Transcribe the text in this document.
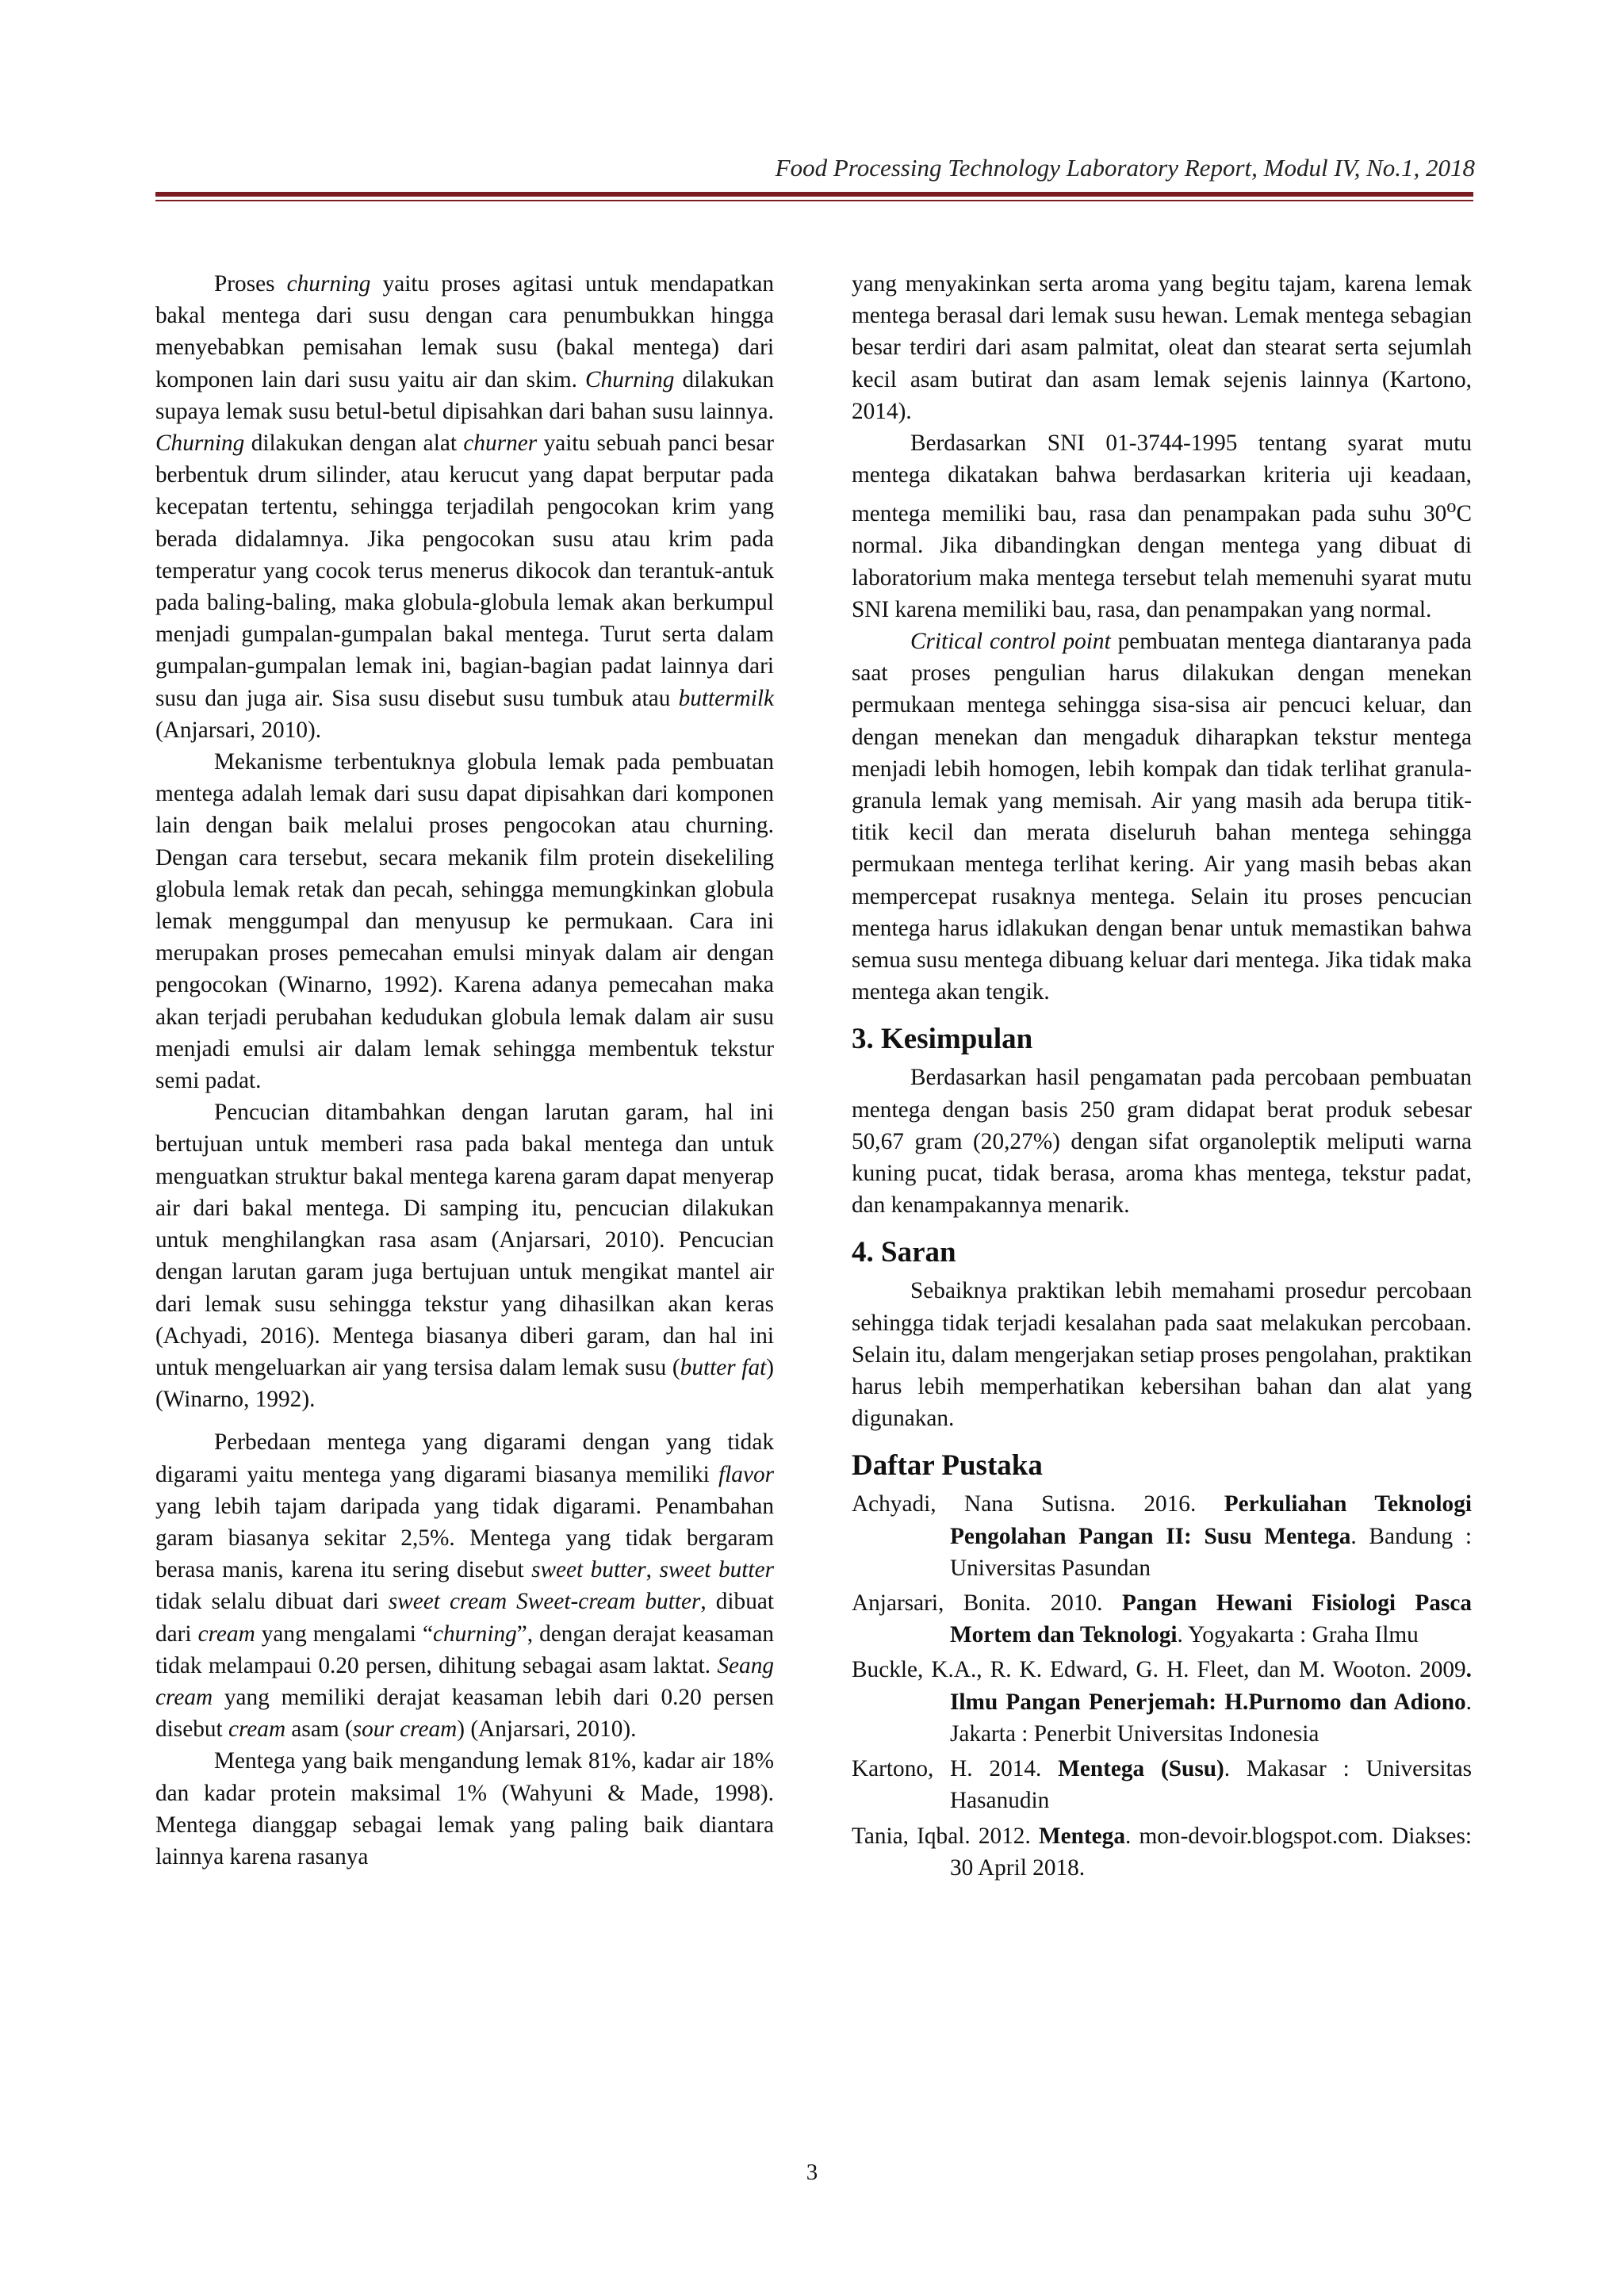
Food Processing Technology Laboratory Report, Modul IV, No.1, 2018

Proses churning yaitu proses agitasi untuk mendapatkan bakal mentega dari susu dengan cara penumbukkan hingga menyebabkan pemisahan lemak susu (bakal mentega) dari komponen lain dari susu yaitu air dan skim. Churning dilakukan supaya lemak susu betul-betul dipisahkan dari bahan susu lainnya. Churning dilakukan dengan alat churner yaitu sebuah panci besar berbentuk drum silinder, atau kerucut yang dapat berputar pada kecepatan tertentu, sehingga terjadilah pengocokan krim yang berada didalamnya. Jika pengocokan susu atau krim pada temperatur yang cocok terus menerus dikocok dan terantuk-antuk pada baling-baling, maka globula-globula lemak akan berkumpul menjadi gumpalan-gumpalan bakal mentega. Turut serta dalam gumpalan-gumpalan lemak ini, bagian-bagian padat lainnya dari susu dan juga air. Sisa susu disebut susu tumbuk atau buttermilk (Anjarsari, 2010).

Mekanisme terbentuknya globula lemak pada pembuatan mentega adalah lemak dari susu dapat dipisahkan dari komponen lain dengan baik melalui proses pengocokan atau churning. Dengan cara tersebut, secara mekanik film protein disekeliling globula lemak retak dan pecah, sehingga memungkinkan globula lemak menggumpal dan menyusup ke permukaan. Cara ini merupakan proses pemecahan emulsi minyak dalam air dengan pengocokan (Winarno, 1992). Karena adanya pemecahan maka akan terjadi perubahan kedudukan globula lemak dalam air susu menjadi emulsi air dalam lemak sehingga membentuk tekstur semi padat.

Pencucian ditambahkan dengan larutan garam, hal ini bertujuan untuk memberi rasa pada bakal mentega dan untuk menguatkan struktur bakal mentega karena garam dapat menyerap air dari bakal mentega. Di samping itu, pencucian dilakukan untuk menghilangkan rasa asam (Anjarsari, 2010). Pencucian dengan larutan garam juga bertujuan untuk mengikat mantel air dari lemak susu sehingga tekstur yang dihasilkan akan keras (Achyadi, 2016). Mentega biasanya diberi garam, dan hal ini untuk mengeluarkan air yang tersisa dalam lemak susu (butter fat) (Winarno, 1992).

Perbedaan mentega yang digarami dengan yang tidak digarami yaitu mentega yang digarami biasanya memiliki flavor yang lebih tajam daripada yang tidak digarami. Penambahan garam biasanya sekitar 2,5%. Mentega yang tidak bergaram berasa manis, karena itu sering disebut sweet butter, sweet butter tidak selalu dibuat dari sweet cream Sweet-cream butter, dibuat dari cream yang mengalami “churning”, dengan derajat keasaman tidak melampaui 0.20 persen, dihitung sebagai asam laktat. Seang cream yang memiliki derajat keasaman lebih dari 0.20 persen disebut cream asam (sour cream) (Anjarsari, 2010).

Mentega yang baik mengandung lemak 81%, kadar air 18% dan kadar protein maksimal 1% (Wahyuni & Made, 1998). Mentega dianggap sebagai lemak yang paling baik diantara lainnya karena rasanya

yang menyakinkan serta aroma yang begitu tajam, karena lemak mentega berasal dari lemak susu hewan. Lemak mentega sebagian besar terdiri dari asam palmitat, oleat dan stearat serta sejumlah kecil asam butirat dan asam lemak sejenis lainnya (Kartono, 2014).

Berdasarkan SNI 01-3744-1995 tentang syarat mutu mentega dikatakan bahwa berdasarkan kriteria uji keadaan, mentega memiliki bau, rasa dan penampakan pada suhu 30$^o$C normal. Jika dibandingkan dengan mentega yang dibuat di laboratorium maka mentega tersebut telah memenuhi syarat mutu SNI karena memiliki bau, rasa, dan penampakan yang normal.

Critical control point pembuatan mentega diantaranya pada saat proses pengulian harus dilakukan dengan menekan permukaan mentega sehingga sisa-sisa air pencuci keluar, dan dengan menekan dan mengaduk diharapkan tekstur mentega menjadi lebih homogen, lebih kompak dan tidak terlihat granula-granula lemak yang memisah. Air yang masih ada berupa titik-titik kecil dan merata diseluruh bahan mentega sehingga permukaan mentega terlihat kering. Air yang masih bebas akan mempercepat rusaknya mentega. Selain itu proses pencucian mentega harus idlakukan dengan benar untuk memastikan bahwa semua susu mentega dibuang keluar dari mentega. Jika tidak maka mentega akan tengik.

3. Kesimpulan

Berdasarkan hasil pengamatan pada percobaan pembuatan mentega dengan basis 250 gram didapat berat produk sebesar 50,67 gram (20,27%) dengan sifat organoleptik meliputi warna kuning pucat, tidak berasa, aroma khas mentega, tekstur padat, dan kenampakannya menarik.

4. Saran

Sebaiknya praktikan lebih memahami prosedur percobaan sehingga tidak terjadi kesalahan pada saat melakukan percobaan. Selain itu, dalam mengerjakan setiap proses pengolahan, praktikan harus lebih memperhatikan kebersihan bahan dan alat yang digunakan.

Daftar Pustaka
Achyadi, Nana Sutisna. 2016. Perkuliahan Teknologi Pengolahan Pangan II: Susu Mentega. Bandung : Universitas Pasundan
Anjarsari, Bonita. 2010. Pangan Hewani Fisiologi Pasca Mortem dan Teknologi. Yogyakarta : Graha Ilmu
Buckle, K.A., R. K. Edward, G. H. Fleet, dan M. Wooton. 2009. Ilmu Pangan Penerjemah: H.Purnomo dan Adiono. Jakarta : Penerbit Universitas Indonesia
Kartono, H. 2014. Mentega (Susu). Makasar : Universitas Hasanudin
Tania, Iqbal. 2012. Mentega. mon-devoir.blogspot.com. Diakses: 30 April 2018.
3
